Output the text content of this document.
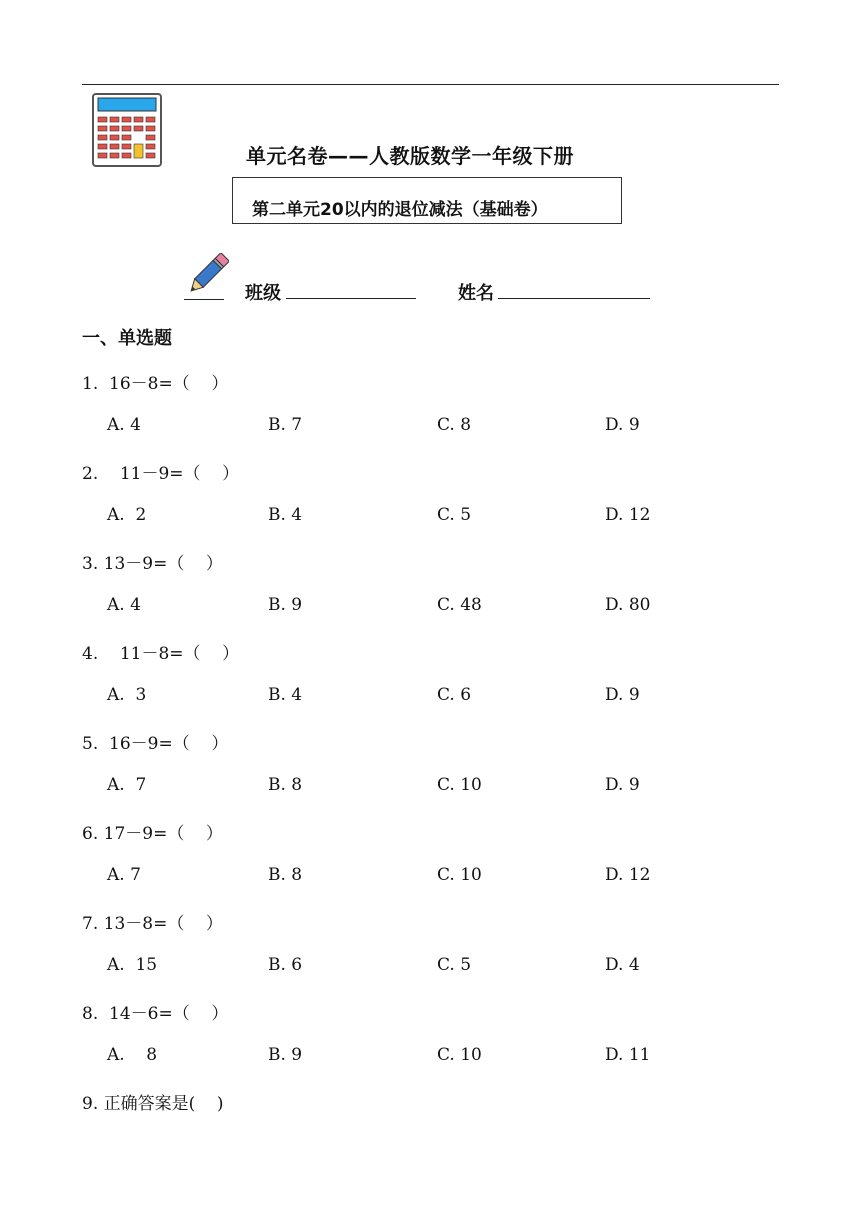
单元名卷——人教版数学一年级下册
第二单元20以内的退位减法（基础卷）
班级	姓名
一、单选题
1.  16－8=（    ）
A. 4	B. 7	C. 8	D. 9
2.    11－9=（    ）
A.  2	B. 4	C. 5	D. 12
3. 13－9=（    ）
A. 4	B. 9	C. 48	D. 80
4.    11－8=（    ）
A.  3	B. 4	C. 6	D. 9
5.  16－9=（    ）
A.  7	B. 8	C. 10	D. 9
6. 17－9=（    ）
A. 7	B. 8	C. 10	D. 12
7. 13－8=（    ）
A.  15	B. 6	C. 5	D. 4
8.  14－6=（    ）
A.    8	B. 9	C. 10	D. 11
9. 正确答案是(    )
